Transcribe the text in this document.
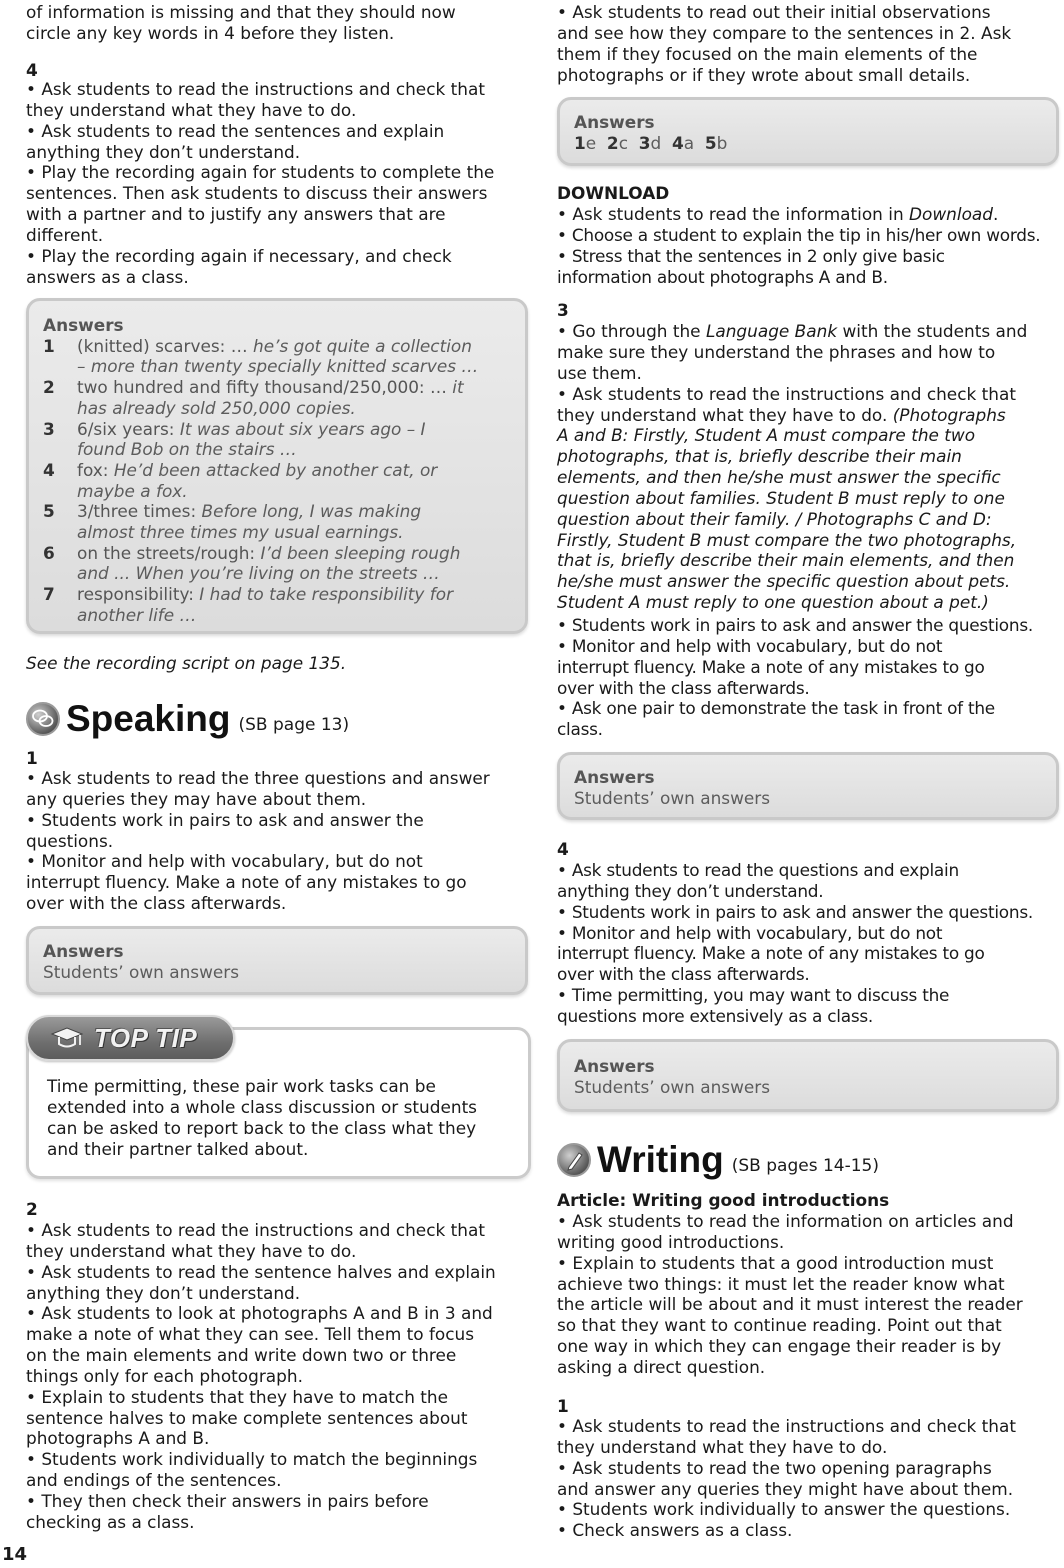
of information is missing and that they should now
circle any key words in 4 before they listen.
4
• Ask students to read the instructions and check that
they understand what they have to do.
• Ask students to read the sentences and explain
anything they don’t understand.
• Play the recording again for students to complete the
sentences. Then ask students to discuss their answers
with a partner and to justify any answers that are
different.
• Play the recording again if necessary, and check
answers as a class.
Answers
1	(knitted) scarves: … he’s got quite a collection
– more than twenty specially knitted scarves …
2	two hundred and fifty thousand/250,000: … it
has already sold 250,000 copies.
3	6/six years: It was about six years ago – I
found Bob on the stairs …
4	fox: He’d been attacked by another cat, or
maybe a fox.
5	3/three times: Before long, I was making
almost three times my usual earnings.
6	on the streets/rough: I’d been sleeping rough
and ... When you’re living on the streets …
7	responsibility: I had to take responsibility for
another life …
See the recording script on page 135.
Speaking (SB page 13)
1
• Ask students to read the three questions and answer
any queries they may have about them.
• Students work in pairs to ask and answer the
questions.
• Monitor and help with vocabulary, but do not
interrupt fluency. Make a note of any mistakes to go
over with the class afterwards.
Answers
Students’ own answers
Time permitting, these pair work tasks can be
extended into a whole class discussion or students
can be asked to report back to the class what they
and their partner talked about.
TOP TIP
2
• Ask students to read the instructions and check that
they understand what they have to do.
• Ask students to read the sentence halves and explain
anything they don’t understand.
• Ask students to look at photographs A and B in 3 and
make a note of what they can see. Tell them to focus
on the main elements and write down two or three
things only for each photograph.
• Explain to students that they have to match the
sentence halves to make complete sentences about
photographs A and B.
• Students work individually to match the beginnings
and endings of the sentences.
• They then check their answers in pairs before
checking as a class.
14
• Ask students to read out their initial observations
and see how they compare to the sentences in 2. Ask
them if they focused on the main elements of the
photographs or if they wrote about small details.
Answers
1e 2c 3d 4a 5b
DOWNLOAD
• Ask students to read the information in Download.
• Choose a student to explain the tip in his/her own words.
• Stress that the sentences in 2 only give basic
information about photographs A and B.
3
• Go through the Language Bank with the students and
make sure they understand the phrases and how to
use them.
• Ask students to read the instructions and check that
they understand what they have to do. (Photographs
A and B: Firstly, Student A must compare the two
photographs, that is, briefly describe their main
elements, and then he/she must answer the specific
question about families. Student B must reply to one
question about their family. / Photographs C and D:
Firstly, Student B must compare the two photographs,
that is, briefly describe their main elements, and then
he/she must answer the specific question about pets.
Student A must reply to one question about a pet.)
• Students work in pairs to ask and answer the questions.
• Monitor and help with vocabulary, but do not
interrupt fluency. Make a note of any mistakes to go
over with the class afterwards.
• Ask one pair to demonstrate the task in front of the
class.
Answers
Students’ own answers
4
• Ask students to read the questions and explain
anything they don’t understand.
• Students work in pairs to ask and answer the questions.
• Monitor and help with vocabulary, but do not
interrupt fluency. Make a note of any mistakes to go
over with the class afterwards.
• Time permitting, you may want to discuss the
questions more extensively as a class.
Answers
Students’ own answers
Writing (SB pages 14-15)
Article: Writing good introductions
• Ask students to read the information on articles and
writing good introductions.
• Explain to students that a good introduction must
achieve two things: it must let the reader know what
the article will be about and it must interest the reader
so that they want to continue reading. Point out that
one way in which they can engage their reader is by
asking a direct question.
1
• Ask students to read the instructions and check that
they understand what they have to do.
• Ask students to read the two opening paragraphs
and answer any queries they might have about them.
• Students work individually to answer the questions.
• Check answers as a class.
